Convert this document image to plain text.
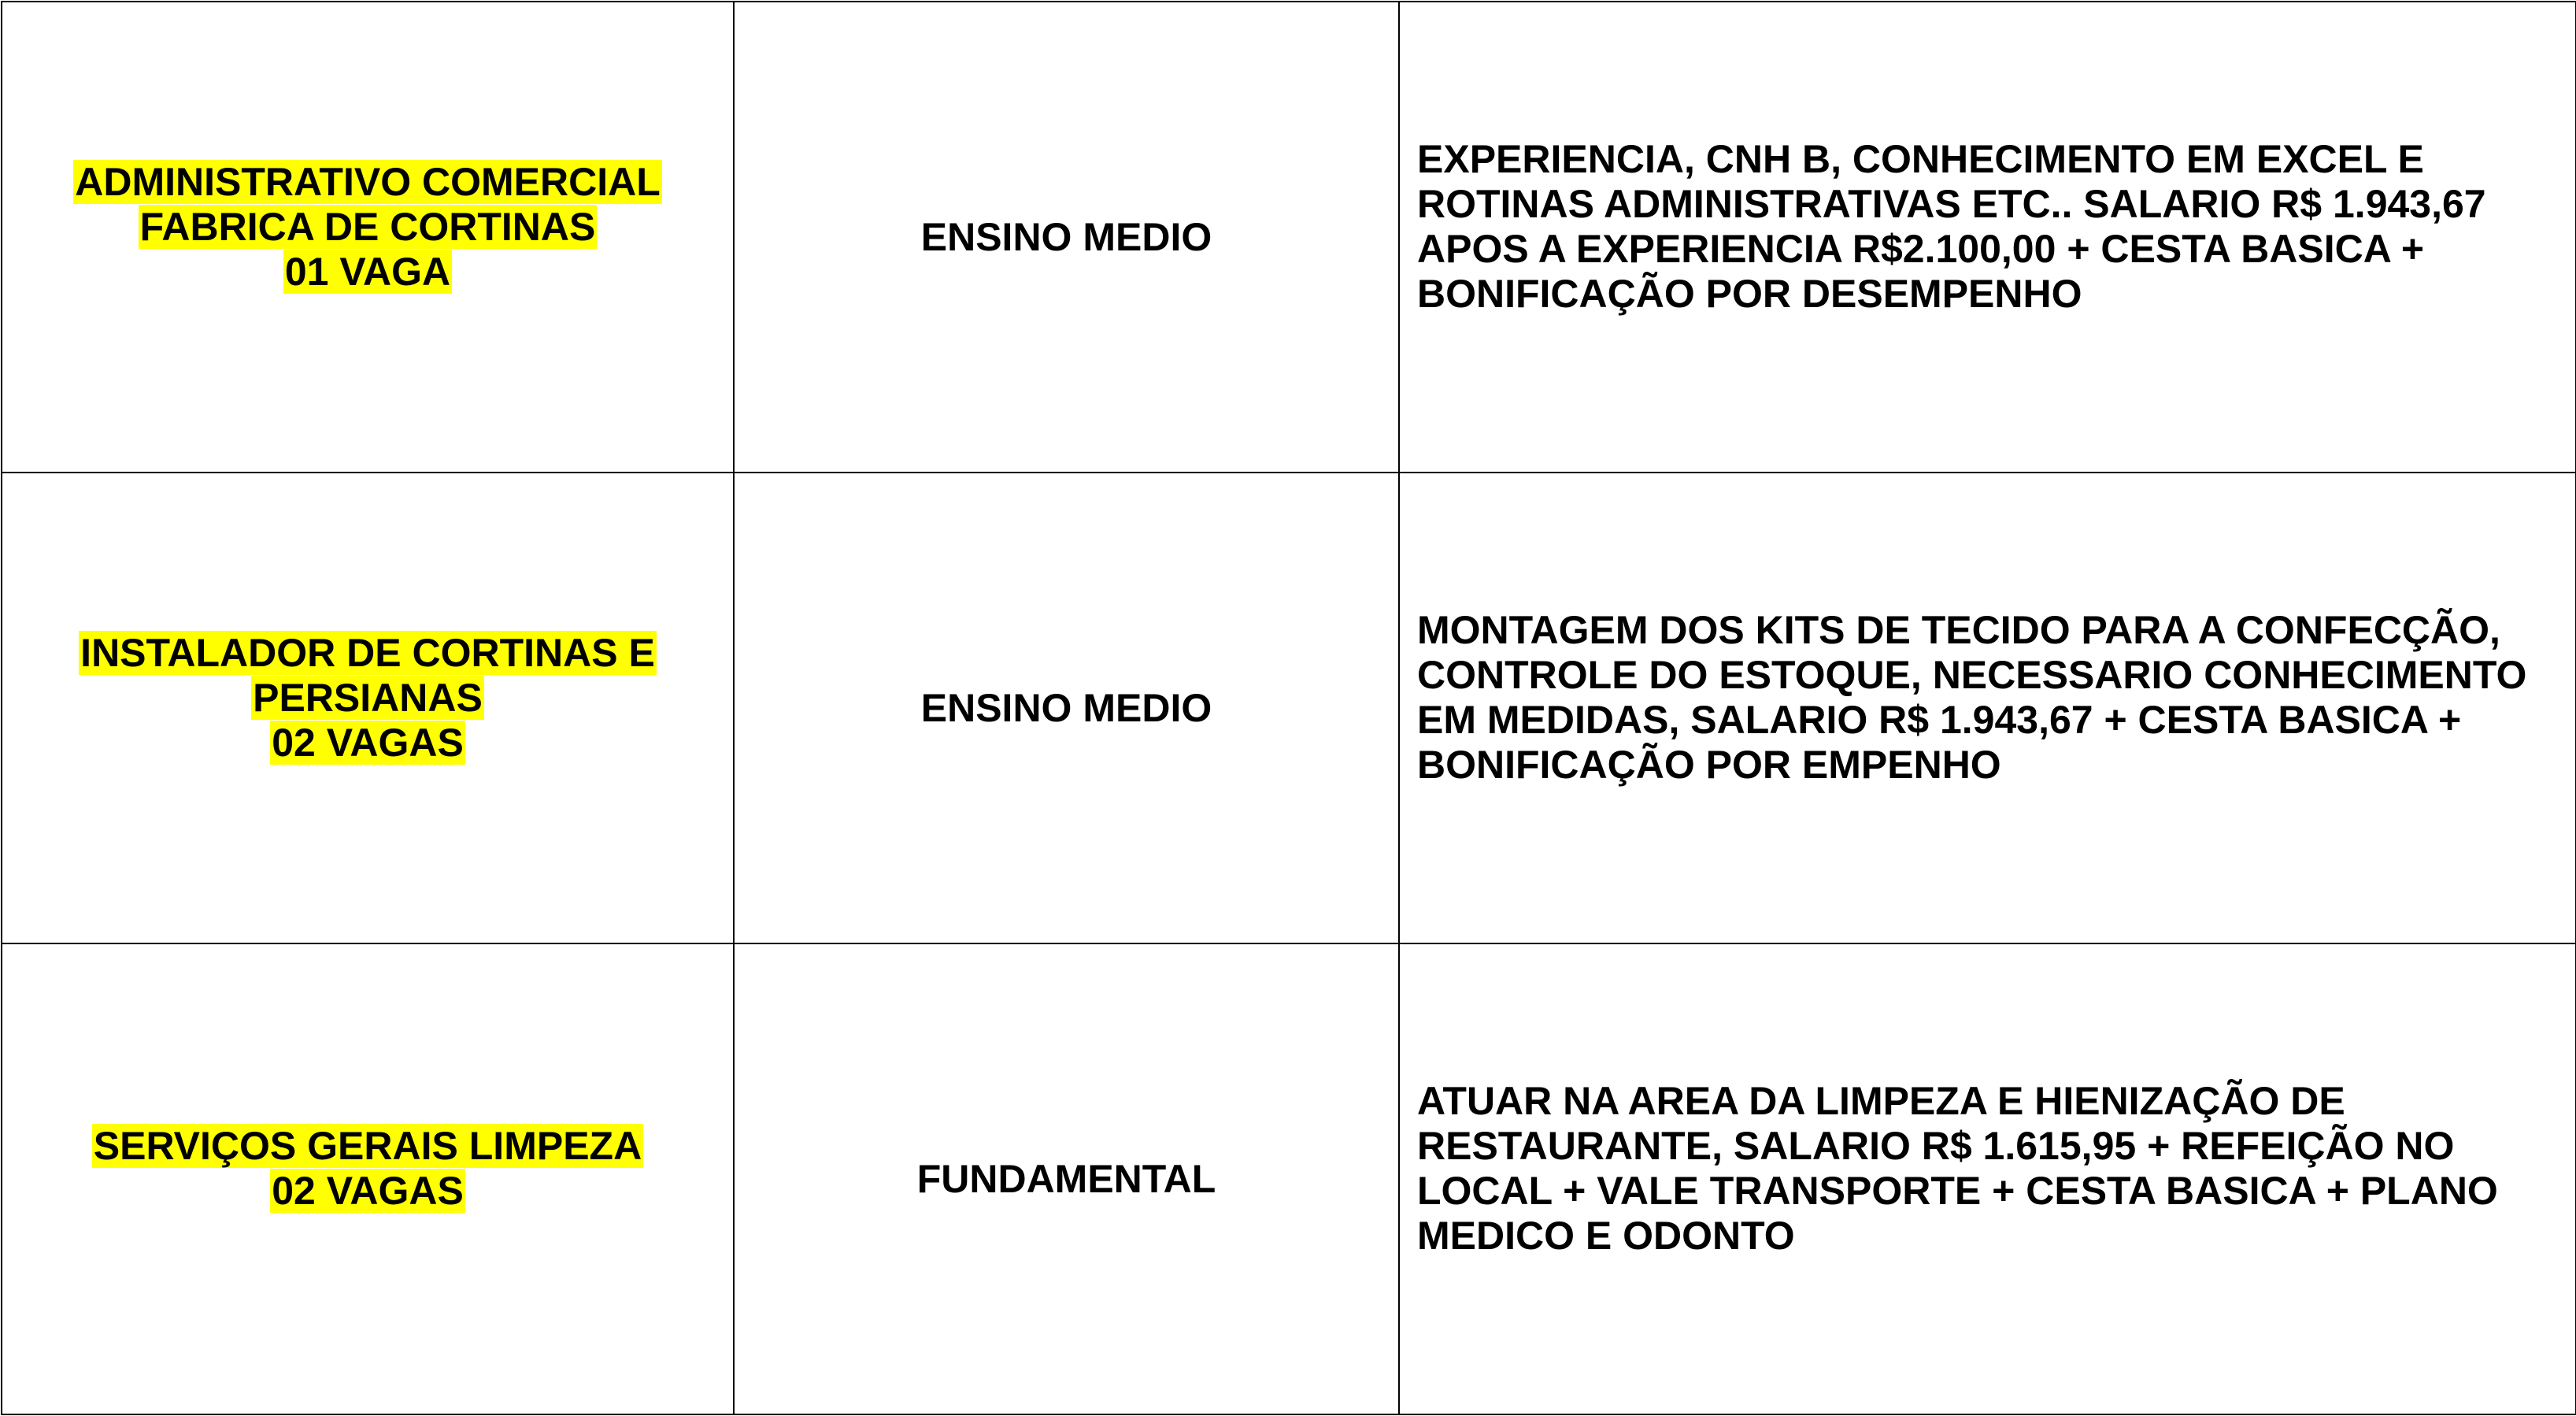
ADMINISTRATIVO COMERCIAL
FABRICA DE CORTINAS
01 VAGA	ENSINO MEDIO	EXPERIENCIA, CNH B, CONHECIMENTO EM EXCEL E ROTINAS ADMINISTRATIVAS ETC.. SALARIO R$ 1.943,67 APOS A EXPERIENCIA R$2.100,00 + CESTA BASICA + BONIFICAÇÃO POR DESEMPENHO

INSTALADOR DE CORTINAS E
PERSIANAS
02 VAGAS	ENSINO MEDIO	MONTAGEM DOS KITS DE TECIDO PARA A CONFECÇÃO, CONTROLE DO ESTOQUE, NECESSARIO CONHECIMENTO EM MEDIDAS, SALARIO R$ 1.943,67 + CESTA BASICA + BONIFICAÇÃO POR EMPENHO

SERVIÇOS GERAIS LIMPEZA
02 VAGAS	FUNDAMENTAL	ATUAR NA AREA DA LIMPEZA E HIENIZAÇÃO DE RESTAURANTE, SALARIO R$ 1.615,95 + REFEIÇÃO NO LOCAL + VALE TRANSPORTE + CESTA BASICA + PLANO MEDICO E ODONTO
